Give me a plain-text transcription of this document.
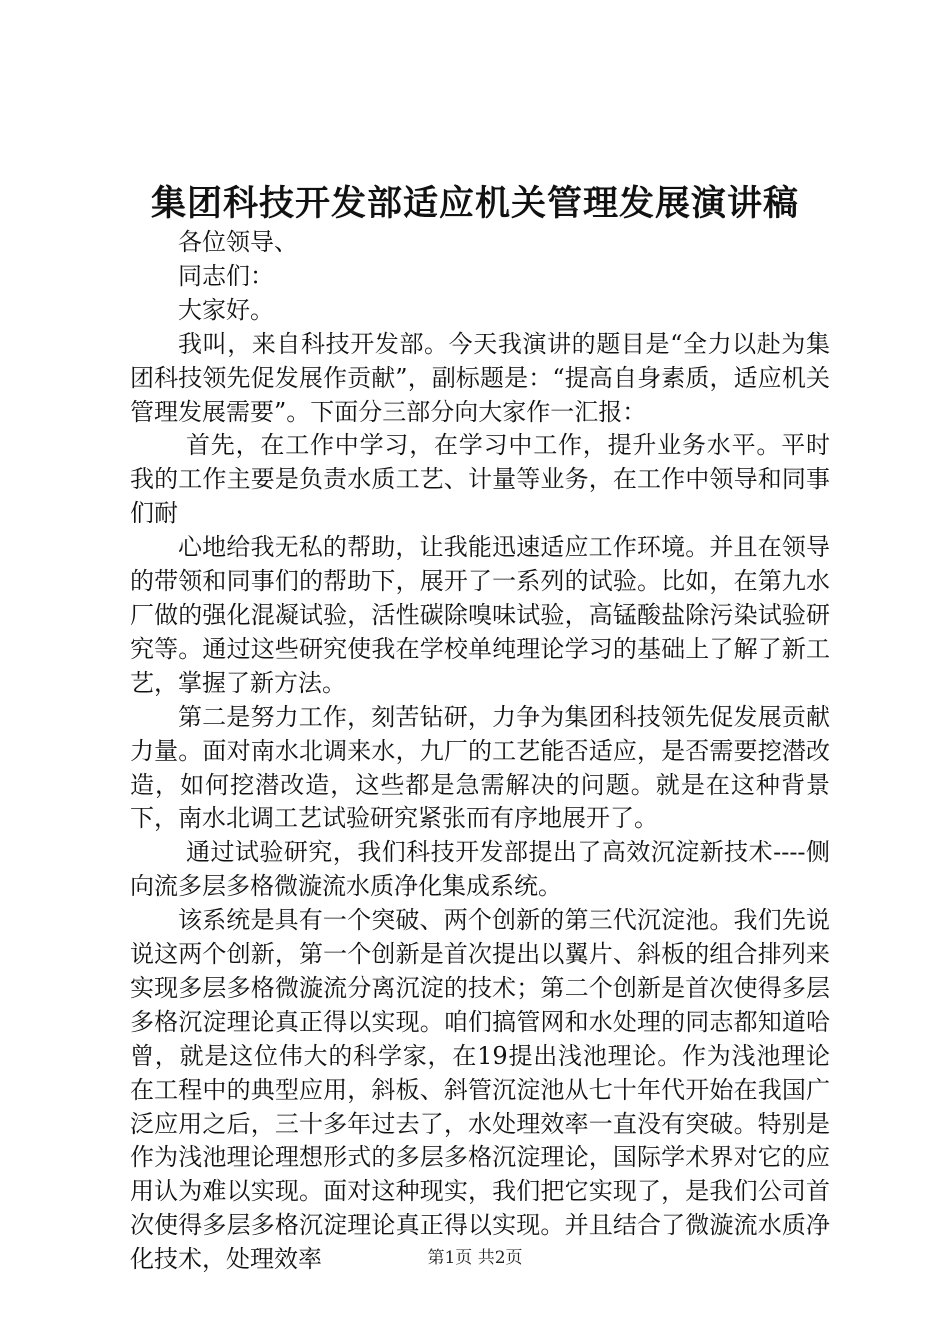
集团科技开发部适应机关管理发展演讲稿

各位领导、

同志们：

大家好。

我叫，来自科技开发部。今天我演讲的题目是“全力以赴为集团科技领先促发展作贡献”，副标题是：“提高自身素质，适应机关管理发展需要”。下面分三部分向大家作一汇报：

首先，在工作中学习，在学习中工作，提升业务水平。平时我的工作主要是负责水质工艺、计量等业务，在工作中领导和同事们耐

心地给我无私的帮助，让我能迅速适应工作环境。并且在领导的带领和同事们的帮助下，展开了一系列的试验。比如，在第九水厂做的强化混凝试验，活性碳除嗅味试验，高锰酸盐除污染试验研究等。通过这些研究使我在学校单纯理论学习的基础上了解了新工艺，掌握了新方法。

第二是努力工作，刻苦钻研，力争为集团科技领先促发展贡献力量。面对南水北调来水，九厂的工艺能否适应，是否需要挖潜改造，如何挖潜改造，这些都是急需解决的问题。就是在这种背景下，南水北调工艺试验研究紧张而有序地展开了。

通过试验研究，我们科技开发部提出了高效沉淀新技术----侧向流多层多格微漩流水质净化集成系统。

该系统是具有一个突破、两个创新的第三代沉淀池。我们先说说这两个创新，第一个创新是首次提出以翼片、斜板的组合排列来实现多层多格微漩流分离沉淀的技术；第二个创新是首次使得多层多格沉淀理论真正得以实现。咱们搞管网和水处理的同志都知道哈曾，就是这位伟大的科学家，在19提出浅池理论。作为浅池理论在工程中的典型应用，斜板、斜管沉淀池从七十年代开始在我国广泛应用之后，三十多年过去了，水处理效率一直没有突破。特别是作为浅池理论理想形式的多层多格沉淀理论，国际学术界对它的应用认为难以实现。面对这种现实，我们把它实现了，是我们公司首次使得多层多格沉淀理论真正得以实现。并且结合了微漩流水质净化技术，处理效率	第1页 共2页
